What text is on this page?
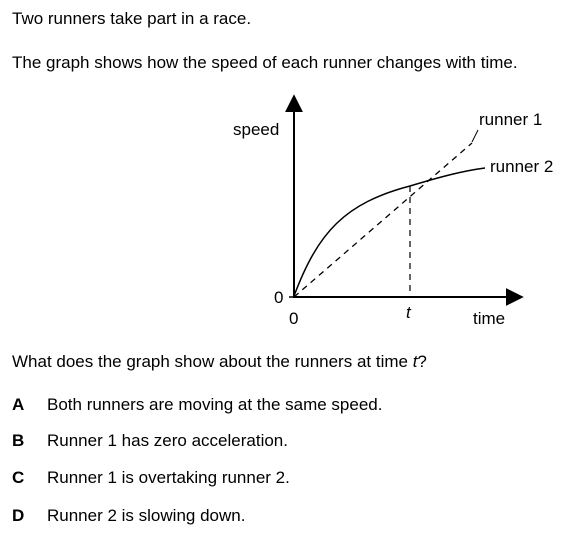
Two runners take part in a race.
The graph shows how the speed of each runner changes with time.
speed
time
0
0	t
runner 1
runner 2
What does the graph show about the runners at time t?
A Both runners are moving at the same speed.
B Runner 1 has zero acceleration.
C Runner 1 is overtaking runner 2.
D Runner 2 is slowing down.
